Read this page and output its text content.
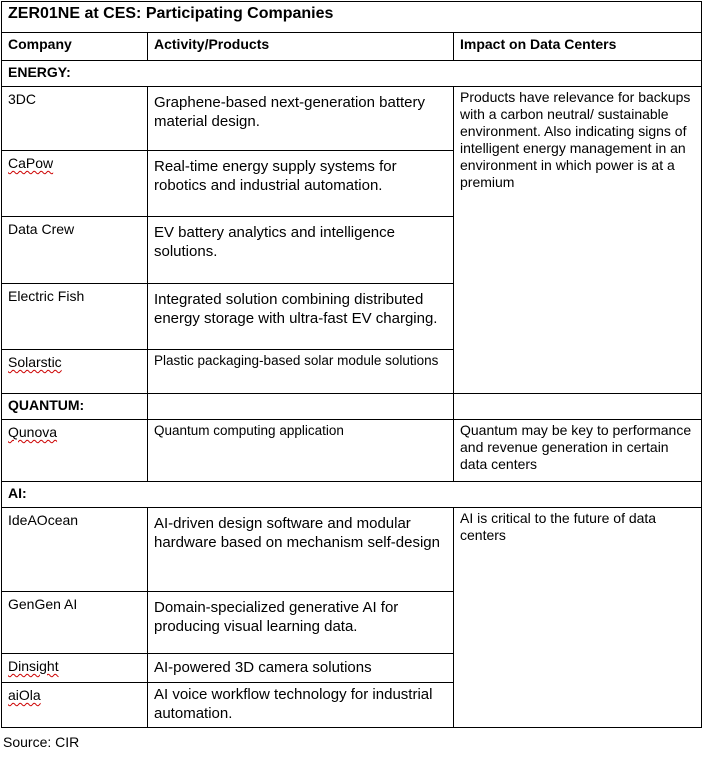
ZER01NE at CES: Participating Companies		
Company	Activity/Products	Impact on Data Centers
ENERGY:		
3DC	Graphene-based next-generation battery material design.	Products have relevance for backups with a carbon neutral/ sustainable environment. Also indicating signs of intelligent energy management in an environment in which power is at a premium
CaPow	Real-time energy supply systems for robotics and industrial automation.	
Data Crew	EV battery analytics and intelligence solutions.	
Electric Fish	Integrated solution combining distributed energy storage with ultra-fast EV charging.	
Solarstic	Plastic packaging-based solar module solutions	
QUANTUM:		
Qunova	Quantum computing application	Quantum may be key to performance and revenue generation in certain data centers
AI:		
IdeAOcean	AI-driven design software and modular hardware based on mechanism self-design	AI is critical to the future of data centers
GenGen AI	Domain-specialized generative AI for producing visual learning data.	
Dinsight	AI-powered 3D camera solutions	
aiOla	AI voice workflow technology for industrial automation.	
Source: CIR
